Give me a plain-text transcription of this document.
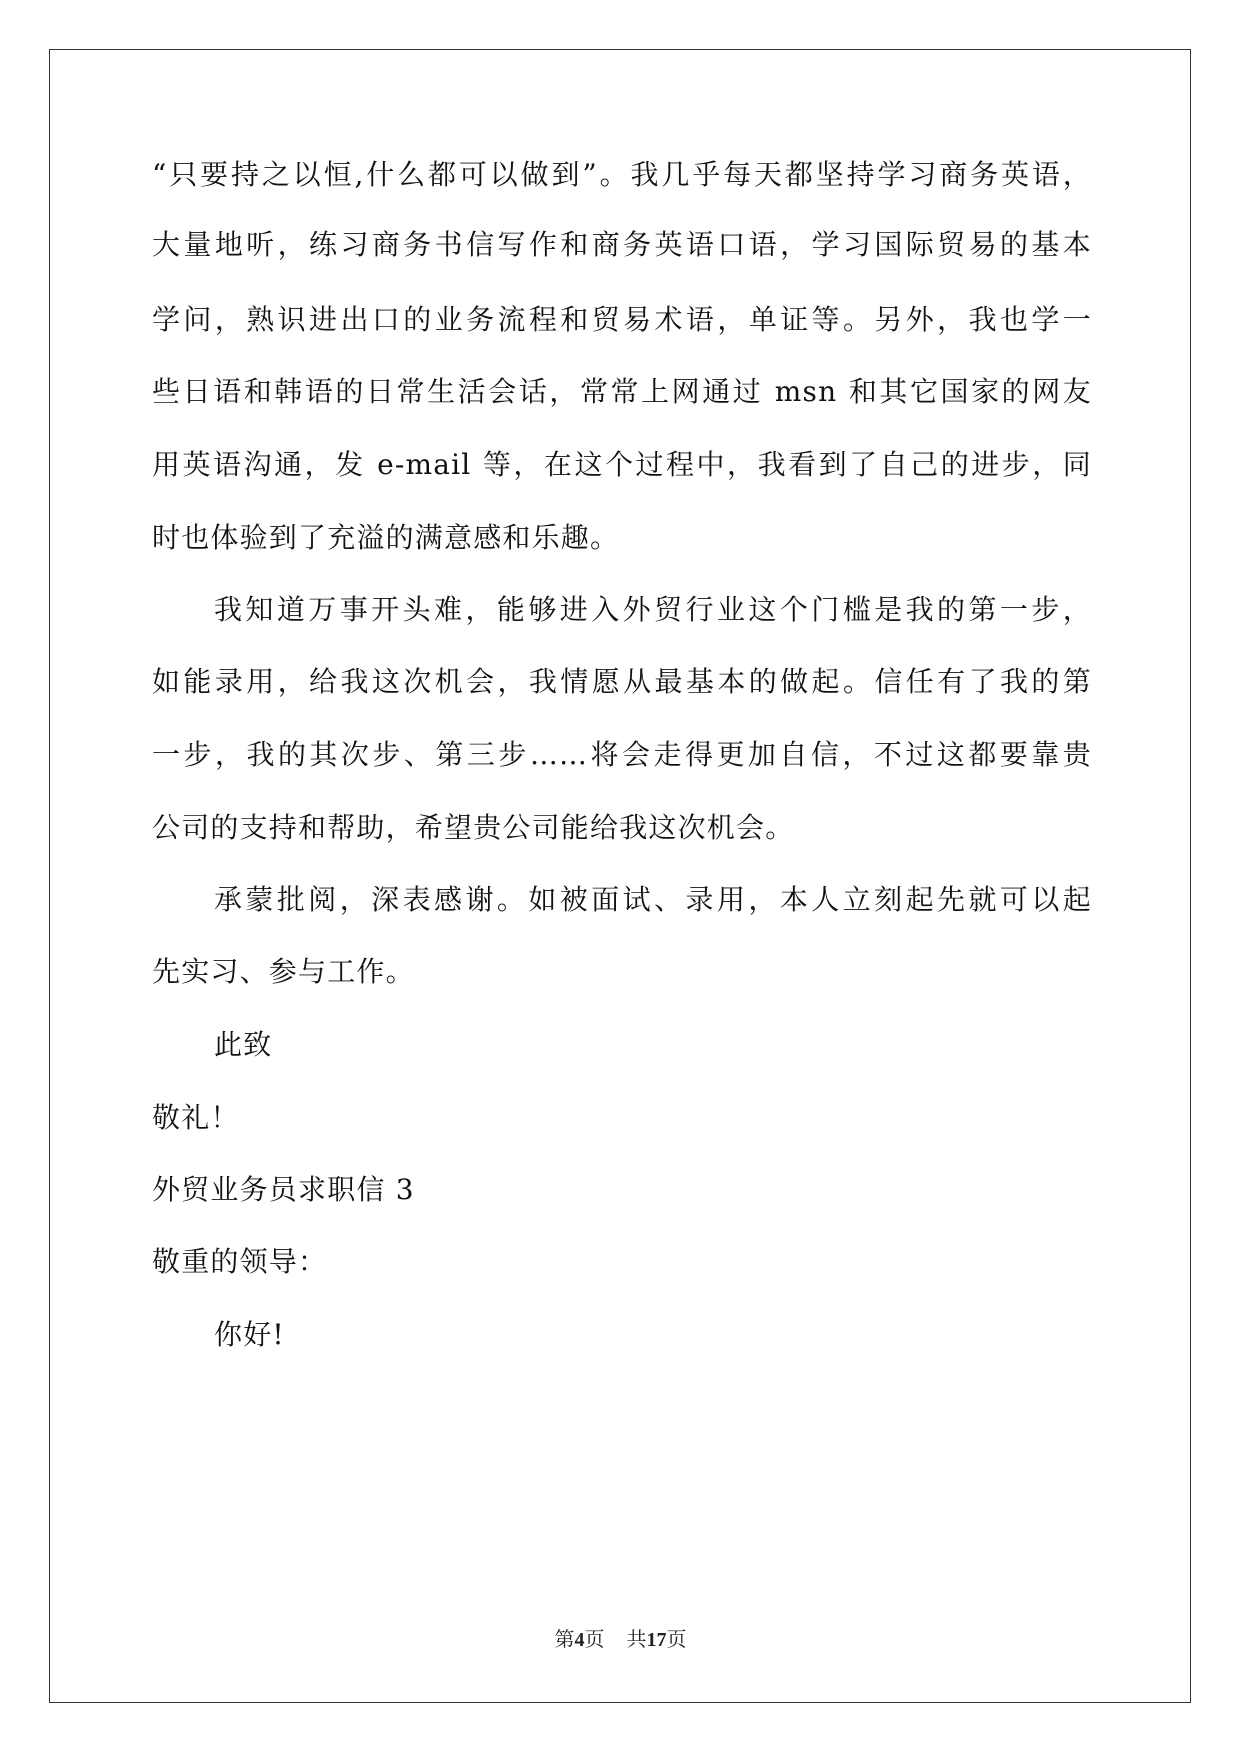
“只要持之以恒,什么都可以做到”。我几乎每天都坚持学习商务英语，
大量地听，练习商务书信写作和商务英语口语，学习国际贸易的基本
学问，熟识进出口的业务流程和贸易术语，单证等。另外，我也学一
些日语和韩语的日常生活会话，常常上网通过 msn 和其它国家的网友
用英语沟通，发 e-mail 等，在这个过程中，我看到了自己的进步，同
时也体验到了充溢的满意感和乐趣。
我知道万事开头难，能够进入外贸行业这个门槛是我的第一步，
如能录用，给我这次机会，我情愿从最基本的做起。信任有了我的第
一步，我的其次步、第三步……将会走得更加自信，不过这都要靠贵
公司的支持和帮助，希望贵公司能给我这次机会。
承蒙批阅，深表感谢。如被面试、录用，本人立刻起先就可以起
先实习、参与工作。
此致
敬礼！
外贸业务员求职信 3
敬重的领导：
你好!
第4页 共17页
